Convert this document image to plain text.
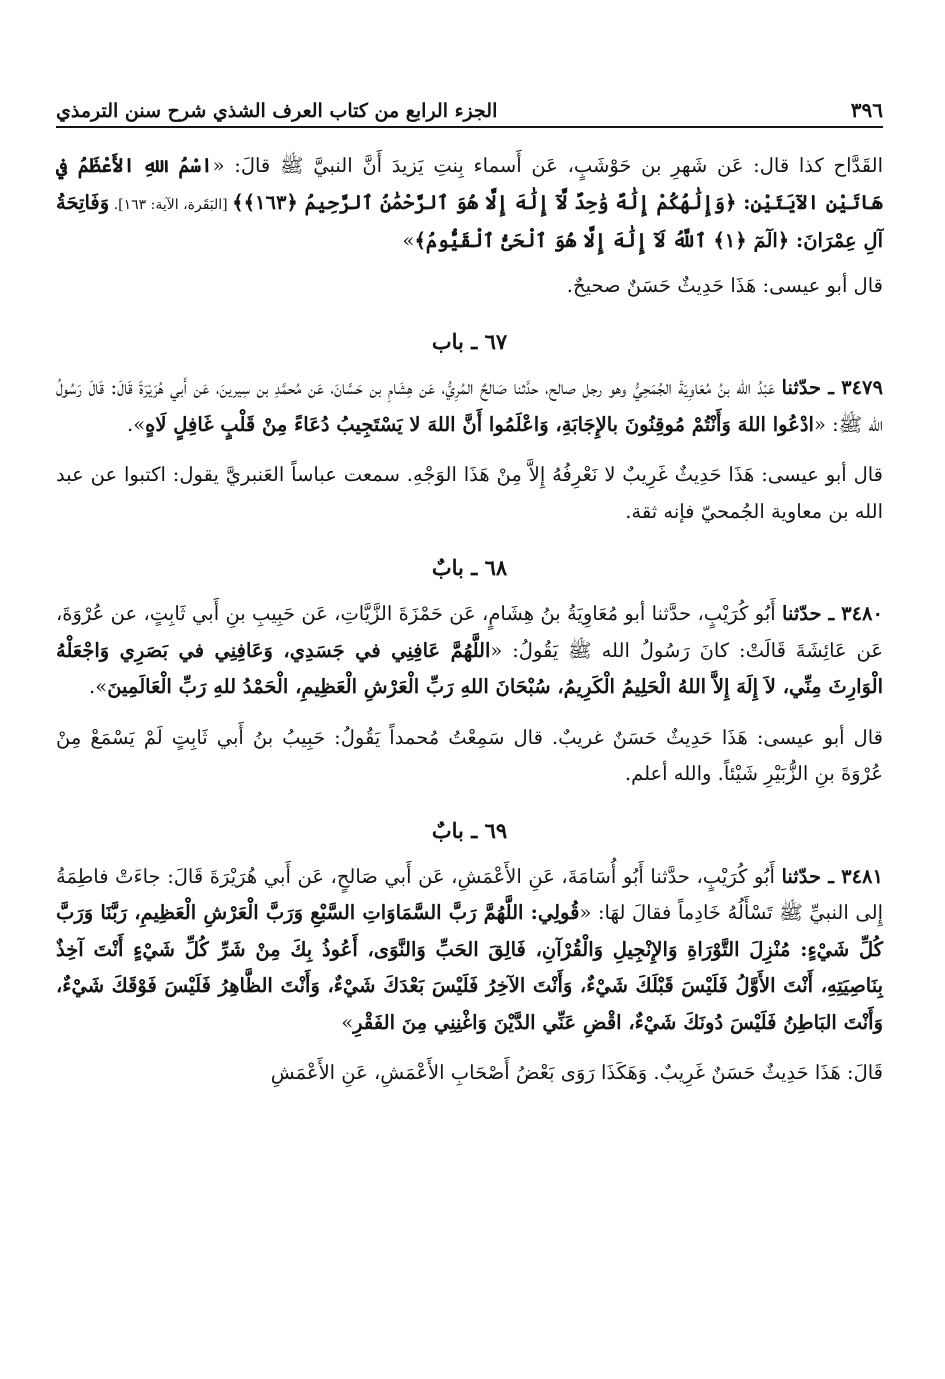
٣٩٦
الجزء الرابع من كتاب العرف الشذي شرح سنن الترمذي

القَدَّاح كذا قال: عَن شَهرِ بن حَوْشَبٍ، عَن أَسماء بِنتِ يَزيدَ أَنَّ النبيَّ ﷺ قالَ: «اسْمُ اللهِ الأَعْظَمُ في هَاتَيْنِ الآيَتَيْنِ: ﴿وَإِلَٰهُكُمْ إِلَٰهٌ وَٰحِدٌ لَّآ إِلَٰهَ إِلَّا هُوَ ٱلرَّحْمَٰنُ ٱلرَّحِيمُ ﴿١٦٣﴾﴾ [البَقَرة، الآية: ١٦٣]. وَفَاتِحَةُ آلِ عِمْرَانَ: ﴿الٓمٓ ﴿١﴾ ٱللَّهُ لَآ إِلَٰهَ إِلَّا هُوَ ٱلْحَىُّ ٱلْقَيُّومُ﴾»

قال أبو عيسى: هَذَا حَدِيثٌ حَسَنٌ صحيحٌ.

٦٧ ـ باب

٣٤٧٩ ـ حدّثنا عَبْدُ الله بنُ مُعَاوِيَةَ الجُمَحِيُّ وهو رجل صالح، حدَّثنا صَالحٌ المُرِيُّ، عَن هِشَامِ بن حَسَّانَ، عَن مُحمَّدِ بن سِيرينَ، عَن أَبي هُرَيْرَةَ قَالَ: قَالَ رَسُولُ الله ﷺ: «ادْعُوا اللهَ وَأَنْتُمْ مُوقِنُونَ بالإِجَابَةِ، وَاعْلَمُوا أَنَّ اللهَ لا يَسْتَجِيبُ دُعَاءً مِنْ قَلْبٍ غَافِلٍ لَاهٍ».

قال أبو عيسى: هَذَا حَدِيثٌ غَرِيبٌ لا نَعْرِفُهُ إِلاَّ مِنْ هَذَا الوَجْهِ. سمعت عباساً العَنبريَّ يقول: اكتبوا عن عبد الله بن معاوية الجُمحيّ فإنه ثقة.

٦٨ ـ بابٌ

٣٤٨٠ ـ حدّثنا أَبُو كُرَيْبٍ، حدَّثنا أبو مُعَاوِيَةُ بنُ هِشَامٍ، عَن حَمْزَةَ الزَّيَّاتِ، عَن حَبِيبِ بنِ أَبي ثَابِتٍ، عن عُرْوَةَ، عَن عَائِشَةَ قَالَتْ: كانَ رَسُولُ الله ﷺ يَقُولُ: «اللَّهُمَّ عَافِنِي في جَسَدِي، وَعَافِنِي في بَصَرِي وَاجْعَلْهُ الْوَارِثَ مِنِّي، لاَ إِلَهَ إِلاَّ اللهُ الْحَلِيمُ الْكَرِيمُ، سُبْحَانَ اللهِ رَبِّ الْعَرْشِ الْعَظِيمِ، الْحَمْدُ للهِ رَبِّ الْعَالَمِينَ».

قال أبو عيسى: هَذَا حَدِيثٌ حَسَنٌ غريبٌ. قال سَمِعْتُ مُحمداً يَقُولُ: حَبِيبُ بنُ أَبي ثَابِتٍ لَمْ يَسْمَعْ مِنْ عُرْوَةَ بنِ الزُّبَيْرِ شَيْئاً. والله أعلم.

٦٩ ـ بابٌ

٣٤٨١ ـ حدّثنا أَبُو كُرَيْبٍ، حدَّثنا أَبُو أُسَامَةَ، عَنِ الأَعْمَشِ، عَن أَبي صَالحٍ، عَن أَبي هُرَيْرَةَ قَالَ: جاءَتْ فاطِمَةُ إِلى النبيِّ ﷺ تَسْأَلُهُ خَادِماً فقالَ لهَا: «قُولِي: اللَّهُمَّ رَبَّ السَّمَاوَاتِ السَّبْعِ وَرَبَّ الْعَرْشِ الْعَظِيمِ، رَبَّنَا وَرَبَّ كُلِّ شَيْءٍ: مُنْزِلَ التَّوْرَاةِ وَالإِنْجِيلِ وَالْقُرْآنِ، فَالِقَ الحَبِّ وَالنَّوَى، أَعُوذُ بِكَ مِنْ شَرِّ كُلِّ شَيْءٍ أَنْتَ آخِذٌ بِنَاصِيَتِهِ، أَنْتَ الأَوَّلُ فَلَيْسَ قَبْلَكَ شَيْءٌ، وَأَنْتَ الآخِرُ فَلَيْسَ بَعْدَكَ شَيْءٌ، وَأَنْتَ الظَّاهِرُ فَلَيْسَ فَوْقَكَ شَيْءٌ، وَأَنْتَ البَاطِنُ فَلَيْسَ دُونَكَ شَيْءٌ، اقْضِ عَنِّي الدَّيْنَ وَاغْنِنِي مِنَ الفَقْرِ»

قَالَ: هَذَا حَدِيثٌ حَسَنٌ غَرِيبٌ. وَهَكَذَا رَوَى بَعْضُ أَصْحَابِ الأَعْمَشِ، عَنِ الأَعْمَشِ
